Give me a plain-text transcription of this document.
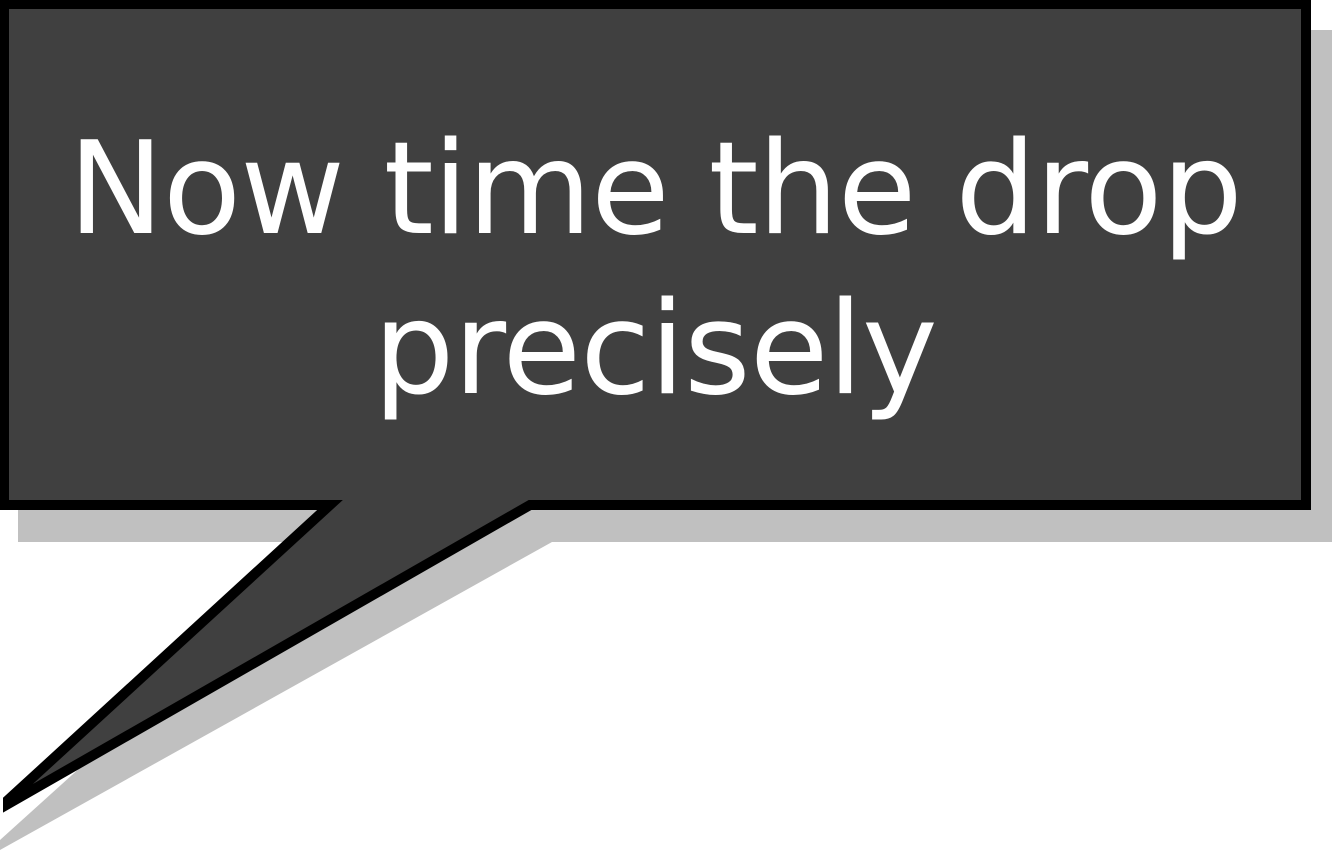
Now time the drop
precisely
